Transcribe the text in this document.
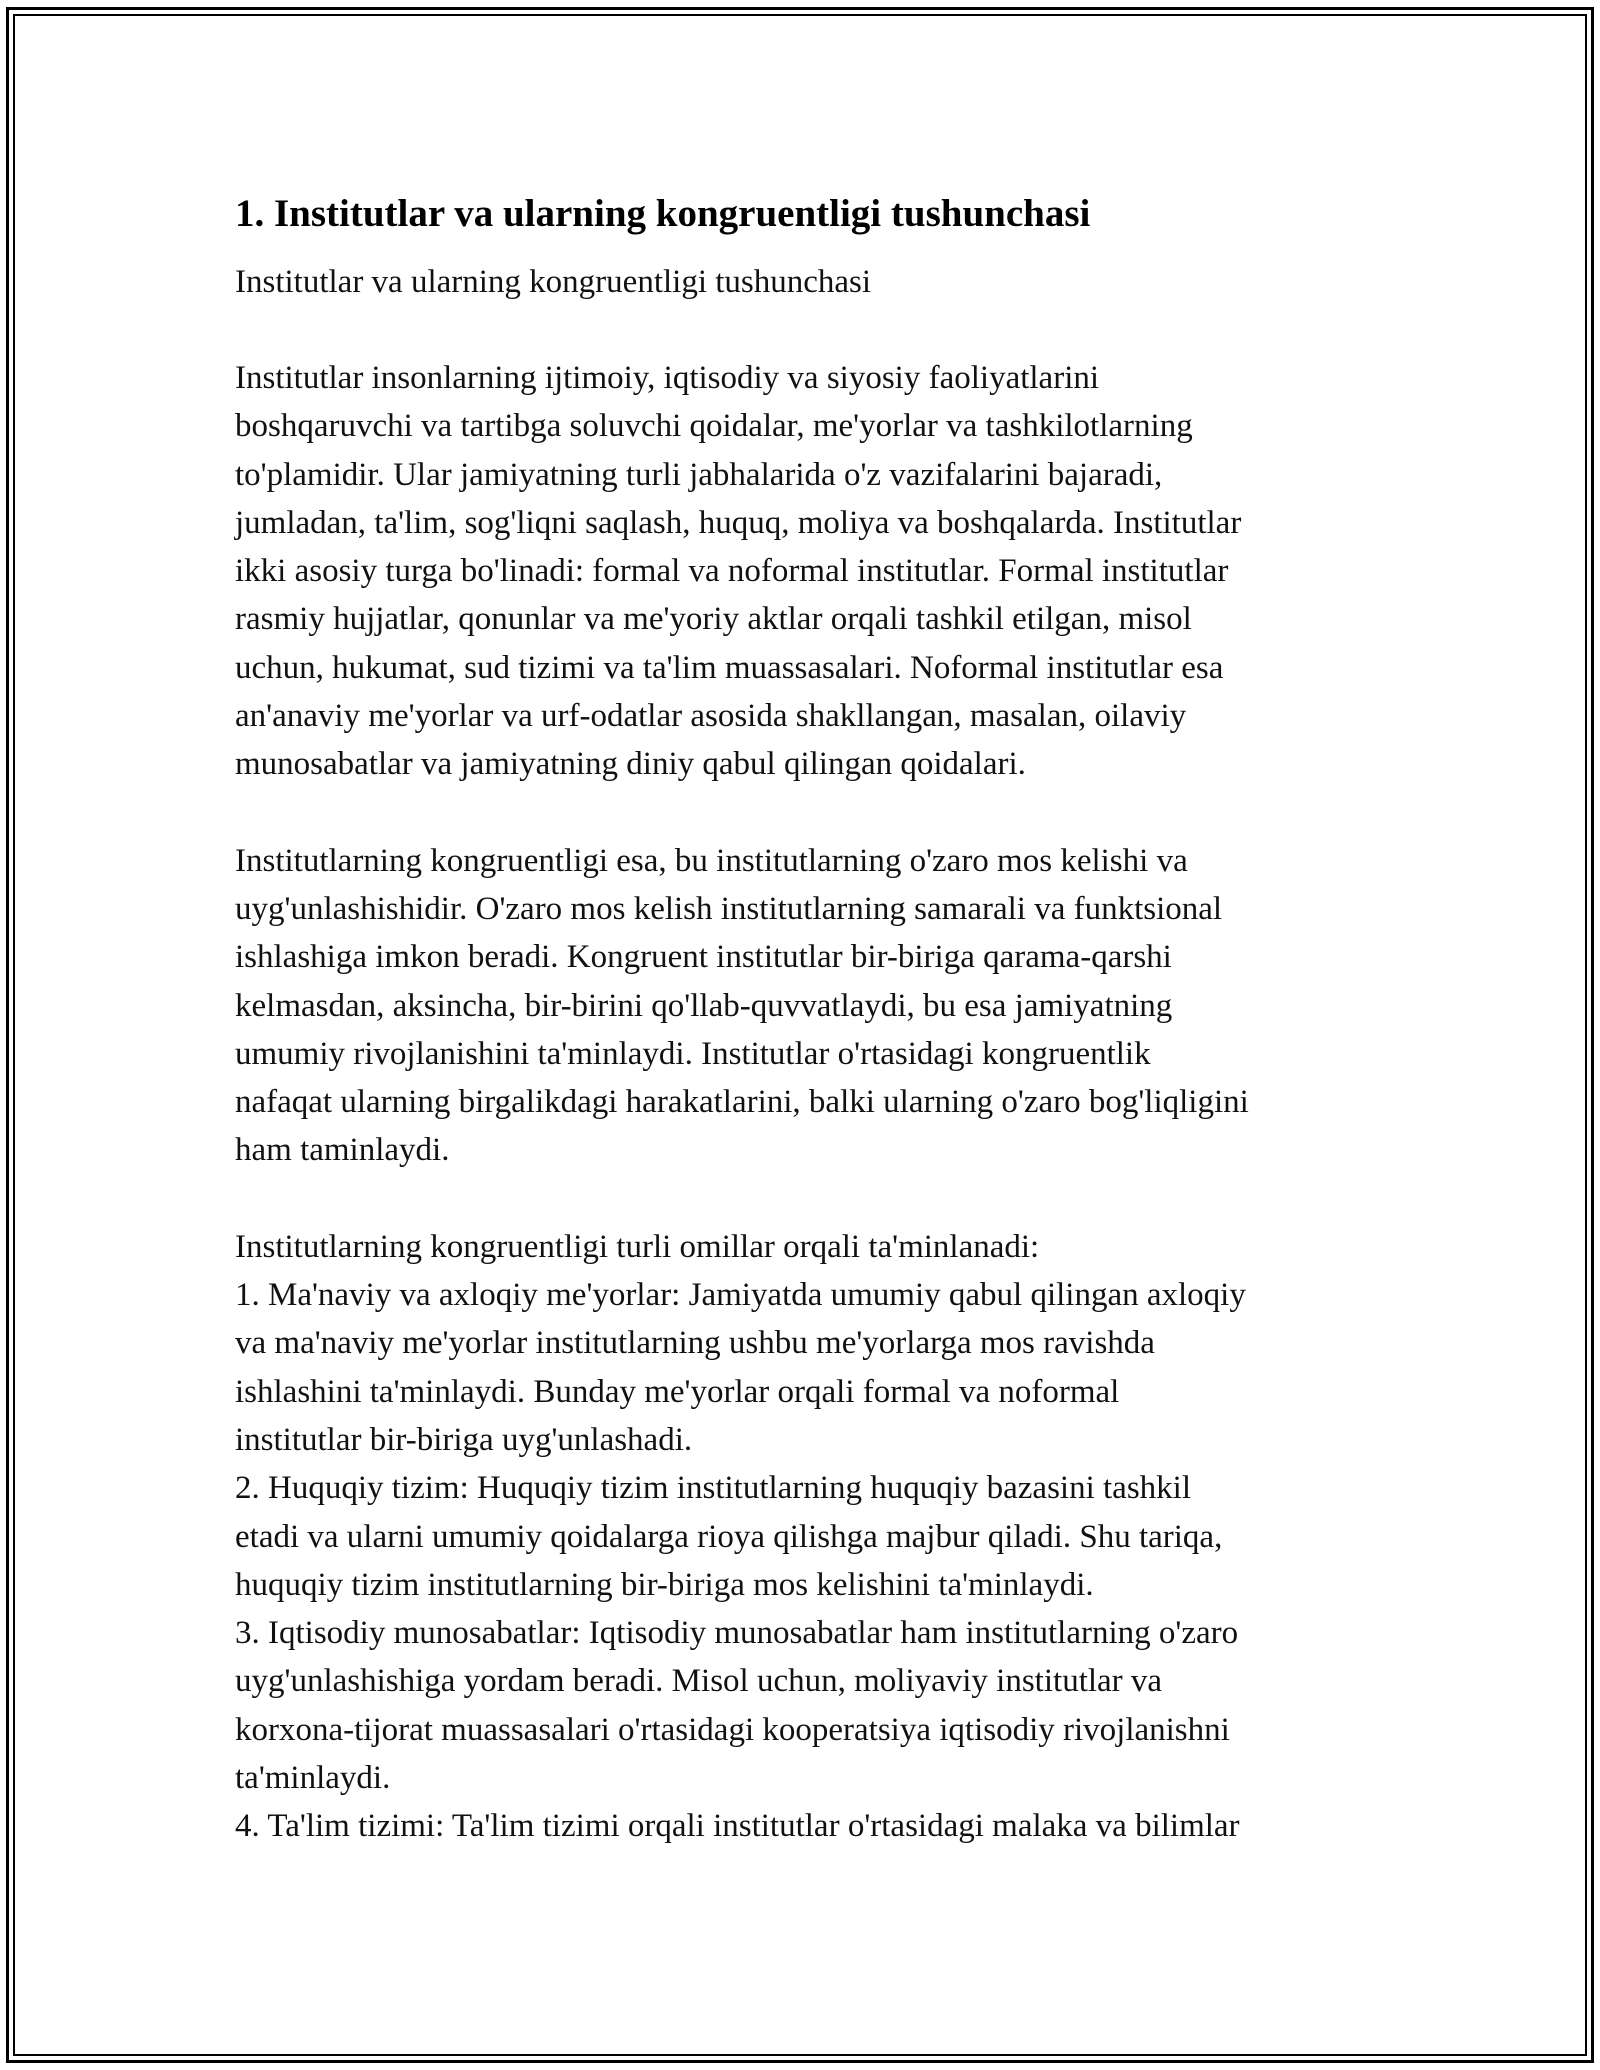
1. Institutlar va ularning kongruentligi tushunchasi

Institutlar va ularning kongruentligi tushunchasi

Institutlar insonlarning ijtimoiy, iqtisodiy va siyosiy faoliyatlarini
boshqaruvchi va tartibga soluvchi qoidalar, me'yorlar va tashkilotlarning
to'plamidir. Ular jamiyatning turli jabhalarida o'z vazifalarini bajaradi,
jumladan, ta'lim, sog'liqni saqlash, huquq, moliya va boshqalarda. Institutlar
ikki asosiy turga bo'linadi: formal va noformal institutlar. Formal institutlar
rasmiy hujjatlar, qonunlar va me'yoriy aktlar orqali tashkil etilgan, misol
uchun, hukumat, sud tizimi va ta'lim muassasalari. Noformal institutlar esa
an'anaviy me'yorlar va urf-odatlar asosida shakllangan, masalan, oilaviy
munosabatlar va jamiyatning diniy qabul qilingan qoidalari.

Institutlarning kongruentligi esa, bu institutlarning o'zaro mos kelishi va
uyg'unlashishidir. O'zaro mos kelish institutlarning samarali va funktsional
ishlashiga imkon beradi. Kongruent institutlar bir-biriga qarama-qarshi
kelmasdan, aksincha, bir-birini qo'llab-quvvatlaydi, bu esa jamiyatning
umumiy rivojlanishini ta'minlaydi. Institutlar o'rtasidagi kongruentlik
nafaqat ularning birgalikdagi harakatlarini, balki ularning o'zaro bog'liqligini
ham taminlaydi.

Institutlarning kongruentligi turli omillar orqali ta'minlanadi:
1. Ma'naviy va axloqiy me'yorlar: Jamiyatda umumiy qabul qilingan axloqiy
va ma'naviy me'yorlar institutlarning ushbu me'yorlarga mos ravishda
ishlashini ta'minlaydi. Bunday me'yorlar orqali formal va noformal
institutlar bir-biriga uyg'unlashadi.
2. Huquqiy tizim: Huquqiy tizim institutlarning huquqiy bazasini tashkil
etadi va ularni umumiy qoidalarga rioya qilishga majbur qiladi. Shu tariqa,
huquqiy tizim institutlarning bir-biriga mos kelishini ta'minlaydi.
3. Iqtisodiy munosabatlar: Iqtisodiy munosabatlar ham institutlarning o'zaro
uyg'unlashishiga yordam beradi. Misol uchun, moliyaviy institutlar va
korxona-tijorat muassasalari o'rtasidagi kooperatsiya iqtisodiy rivojlanishni
ta'minlaydi.
4. Ta'lim tizimi: Ta'lim tizimi orqali institutlar o'rtasidagi malaka va bilimlar
